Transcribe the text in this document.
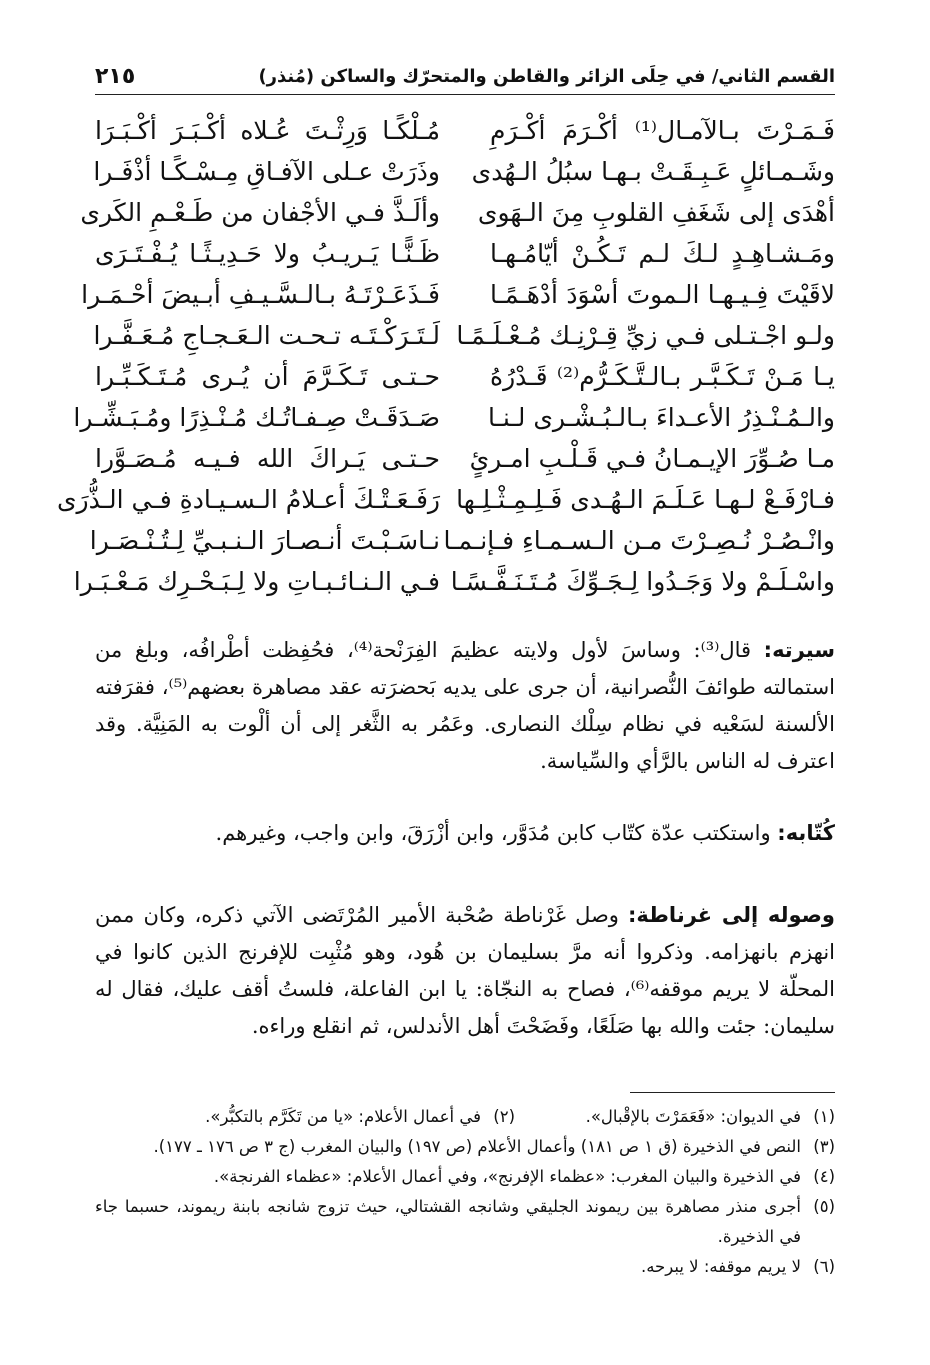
القسم الثاني/ في حِلَى الزائر والقاطن والمتحرّك والساكن (مُنذر)
٢١٥
فَـمَـرْتَ بـالآمـال⁽¹⁾ أكْـرَمَ أكْـرَمِ
مُـلْكًـا وَرِثْـتَ عُـلاه أكْـبَـرَ أكْـبَـرَا
وشَـمـائلٍ عَـبِـقَـتْ بـهـا سبُلُ الـهُدى
وذَرَتْ عـلى الآفـاقِ مِـسْـكًـا أذْفَـرا
أهْدَى إلى شَغَفِ القلوبِ مِنَ الـهَوى
وألَـذَّ فـي الأجْفان من طَـعْـمِ الكَرى
ومَـشـاهِـدٍ لـكَ لـم تَـكُـنْ أيّامُـهـا
ظَـنًّـا يَـريـبُ ولا حَـدِيـثًـا يُـفْـتَـرَى
لاقَيْتَ فِـيـهـا الـموتَ أسْوَدَ أدْهَـمًـا
فَـذَعَـرْتَـهُ بـالـسَّـيـفِ أبـيضَ أحْـمَـرا
ولـو اجْـتـلى فـي زيِّ قِـرْنِـك مُـعْـلَـمًـا
لَـتَـرَكْـتَـه تـحـت الـعَـجـاجِ مُـعَـفَّـرا
يـا مَـنْ تَـكَـبَّـر بـالـتَّـكَـرُّم⁽²⁾ قَـدْرُهُ
حـتـى تَـكَـرَّمَ أن يُـرى مُـتَـكَـبِّـرا
والـمُـنْـذِرُ الأعـداءَ بـالـبُـشْـرى لـنـا
صَـدَقَـتْ صِـفـاتُـك مُـنْـذِرًا ومُـبَـشِّـرا
مـا صُـوِّرَ الإيـمـانُ فـي قَـلْـبِ امـرئٍ
حـتـى يَـراكَ الله فـيـه مُـصَـوَّرا
فـارْفَـعْ لـهـا عَـلَـمَ الـهُـدى فَـلِـمِـثْـلِـها
رَفَـعَـتْـكَ أعـلامُ الـسـيـادةِ فـي الـذُّرَى
وانْـصُـرْ نُـصِـرْتَ مـن الـسـمـاءِ فـإنـمـا
نـاسَـبْـتَ أنـصـارَ الـنـبـيِّ لِـتُـنْـصَـرا
واسْـلَـمْ ولا وَجَـدُوا لِـجَـوِّكَ مُـتَـنَـفَّـسًـا
فـي الـنـائـبـاتِ ولا لِـبَـحْـرِك مَـعْـبَـرا

سيرته: قال⁽³⁾: وساسَ لأول ولايته عظيمَ الفِرَنْحة⁽⁴⁾، فحُفِظت أطْرافُه، وبلغ من استمالته طوائفَ النُّصرانية، أن جرى على يديه بَحضرَته عقد مصاهرة بعضهم⁽⁵⁾، فقرَفته الألسنة لسَعْيه في نظام سِلْك النصارى. وعَمُر به الثَّغر إلى أن ألْوت به المَنِيَّة. وقد اعترف له الناس بالرَّأي والسِّياسة.

كُتّابه: واستكتب عدّة كتّاب كابن مُدَوَّر، وابن أزْرَقَ، وابن واجب، وغيرهم.

وصوله إلى غرناطة: وصل غَرْناطة صُحْبة الأمير المُرْتَضى الآتي ذكره، وكان ممن انهزم بانهزامه. وذكروا أنه مرَّ بسليمان بن هُود، وهو مُثْبِت للإفرنج الذين كانوا في المحلّة لا يريم موقفه⁽⁶⁾، فصاح به النجّاة: يا ابن الفاعلة، فلستُ أقف عليك، فقال له سليمان: جئت والله بها صَلَعًا، وفَضَحْتَ أهل الأندلس، ثم انقلع وراءه.

(١)
في الديوان: «فَعَمَرْتَ بالإقْبال».
(٢)
في أعمال الأعلام: «يا من تَكَرَّم بالتكبُّر».
(٣)
النص في الذخيرة (ق ١ ص ١٨١) وأعمال الأعلام (ص ١٩٧) والبيان المغرب (ج ٣ ص ١٧٦ ـ ١٧٧).
(٤)
في الذخيرة والبيان المغرب: «عظماء الإفرنج»، وفي أعمال الأعلام: «عظماء الفرنجة».
(٥)
أجرى منذر مصاهرة بين ريموند الجليقي وشانجه القشتالي، حيث تزوج شانجه بابنة ريموند، حسبما جاء في الذخيرة.
(٦)
لا يريم موقفه: لا يبرحه.
